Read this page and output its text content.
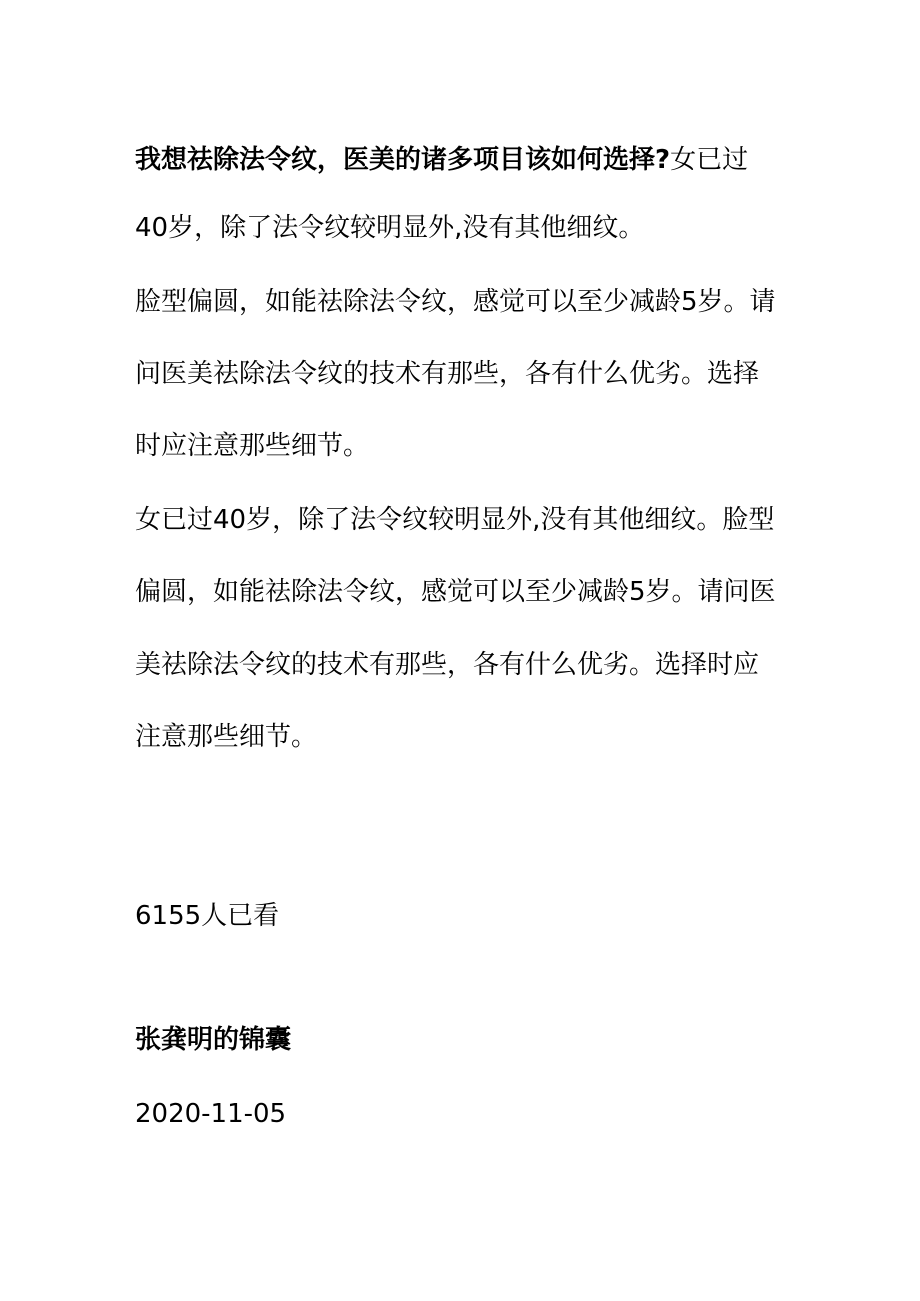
我想祛除法令纹，医美的诸多项目该如何选择?女已过

40岁，除了法令纹较明显外,没有其他细纹。

脸型偏圆，如能祛除法令纹，感觉可以至少减龄5岁。请

问医美祛除法令纹的技术有那些，各有什么优劣。选择

时应注意那些细节。

女已过40岁，除了法令纹较明显外,没有其他细纹。脸型

偏圆，如能祛除法令纹，感觉可以至少减龄5岁。请问医

美祛除法令纹的技术有那些，各有什么优劣。选择时应

注意那些细节。

6155人已看

张龚明的锦囊

2020-11-05
